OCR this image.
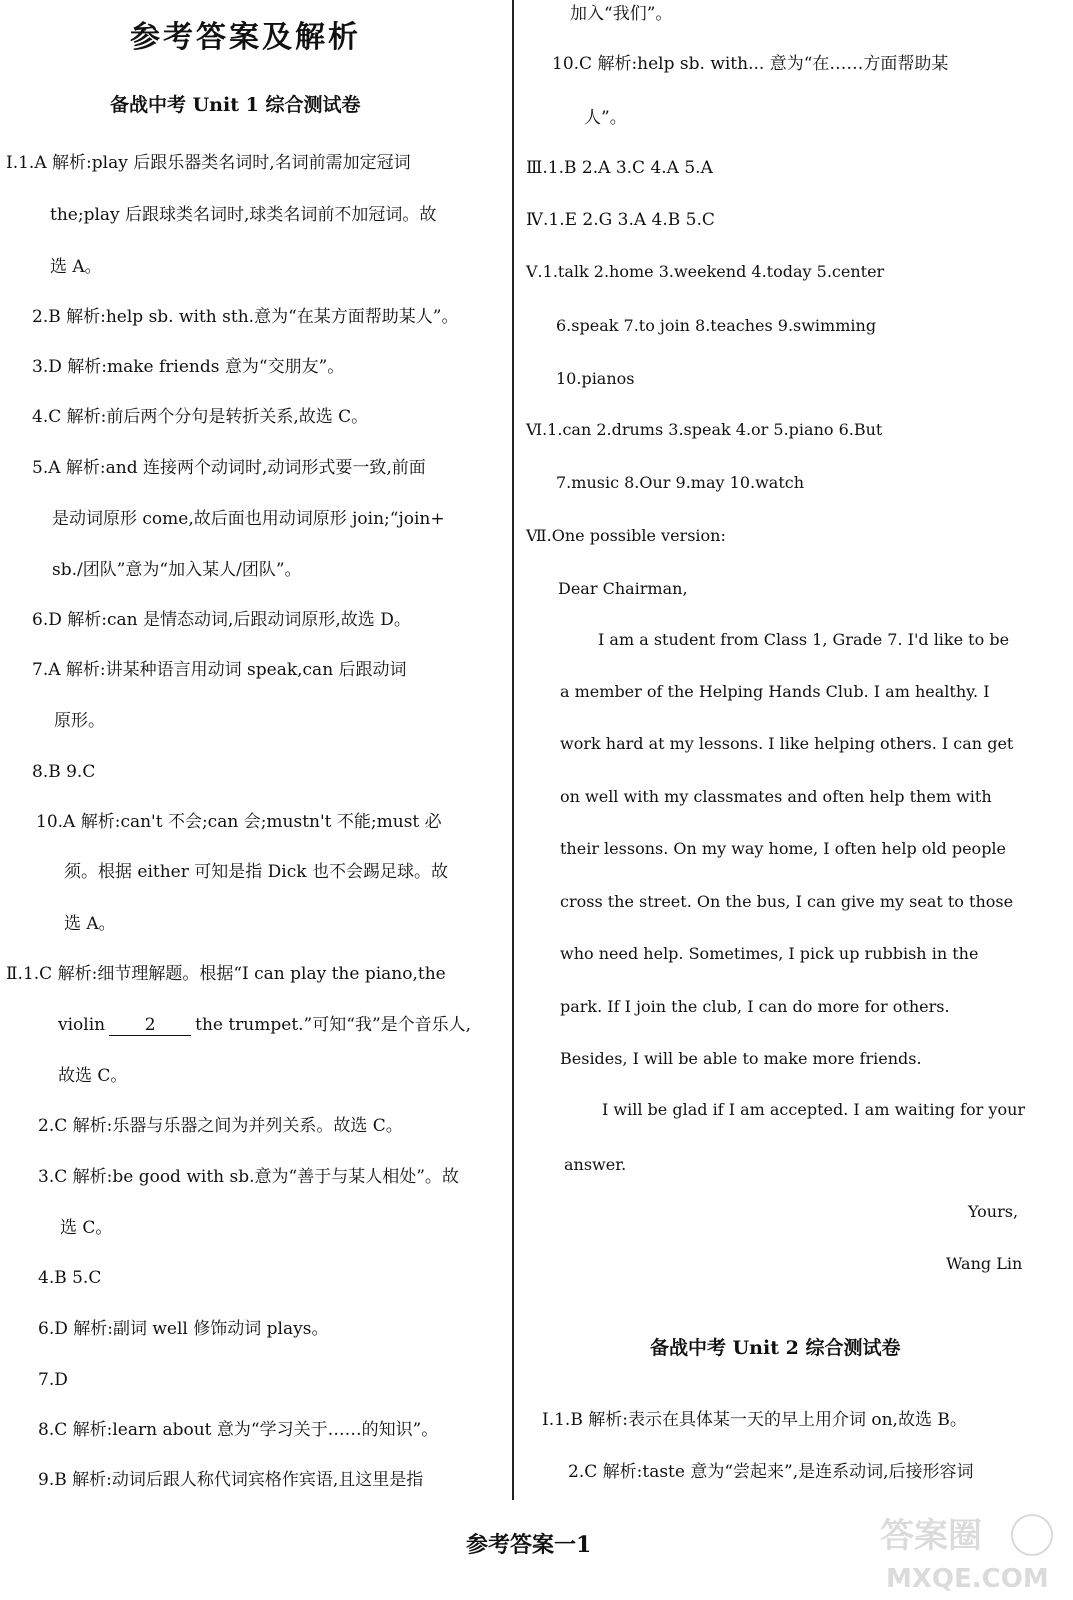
参考答案及解析
备战中考 Unit 1 综合测试卷
Ⅰ.1.A 解析:play 后跟乐器类名词时,名词前需加定冠词
the;play 后跟球类名词时,球类名词前不加冠词。故
选 A。
2.B 解析:help sb. with sth.意为“在某方面帮助某人”。
3.D 解析:make friends 意为“交朋友”。
4.C 解析:前后两个分句是转折关系,故选 C。
5.A 解析:and 连接两个动词时,动词形式要一致,前面
是动词原形 come,故后面也用动词原形 join;“join+
sb./团队”意为“加入某人/团队”。
6.D 解析:can 是情态动词,后跟动词原形,故选 D。
7.A 解析:讲某种语言用动词 speak,can 后跟动词
原形。
8.B 9.C
10.A 解析:can't 不会;can 会;mustn't 不能;must 必
须。根据 either 可知是指 Dick 也不会踢足球。故
选 A。
Ⅱ.1.C 解析:细节理解题。根据“I can play the piano,the
violin 2 the trumpet.”可知“我”是个音乐人,
故选 C。
2.C 解析:乐器与乐器之间为并列关系。故选 C。
3.C 解析:be good with sb.意为“善于与某人相处”。故
选 C。
4.B 5.C
6.D 解析:副词 well 修饰动词 plays。
7.D
8.C 解析:learn about 意为“学习关于……的知识”。
9.B 解析:动词后跟人称代词宾格作宾语,且这里是指
加入“我们”。
10.C 解析:help sb. with... 意为“在……方面帮助某
人”。
Ⅲ.1.B 2.A 3.C 4.A 5.A
Ⅳ.1.E 2.G 3.A 4.B 5.C
Ⅴ.1.talk 2.home 3.weekend 4.today 5.center
6.speak 7.to join 8.teaches 9.swimming
10.pianos
Ⅵ.1.can 2.drums 3.speak 4.or 5.piano 6.But
7.music 8.Our 9.may 10.watch
Ⅶ.One possible version:
Dear Chairman,
I am a student from Class 1, Grade 7. I'd like to be
a member of the Helping Hands Club. I am healthy. I
work hard at my lessons. I like helping others. I can get
on well with my classmates and often help them with
their lessons. On my way home, I often help old people
cross the street. On the bus, I can give my seat to those
who need help. Sometimes, I pick up rubbish in the
park. If I join the club, I can do more for others.
Besides, I will be able to make more friends.
I will be glad if I am accepted. I am waiting for your
answer.
Yours,
Wang Lin
备战中考 Unit 2 综合测试卷
Ⅰ.1.B 解析:表示在具体某一天的早上用介词 on,故选 B。
2.C 解析:taste 意为“尝起来”,是连系动词,后接形容词
参考答案一1	答案圈
MXQE.COM
